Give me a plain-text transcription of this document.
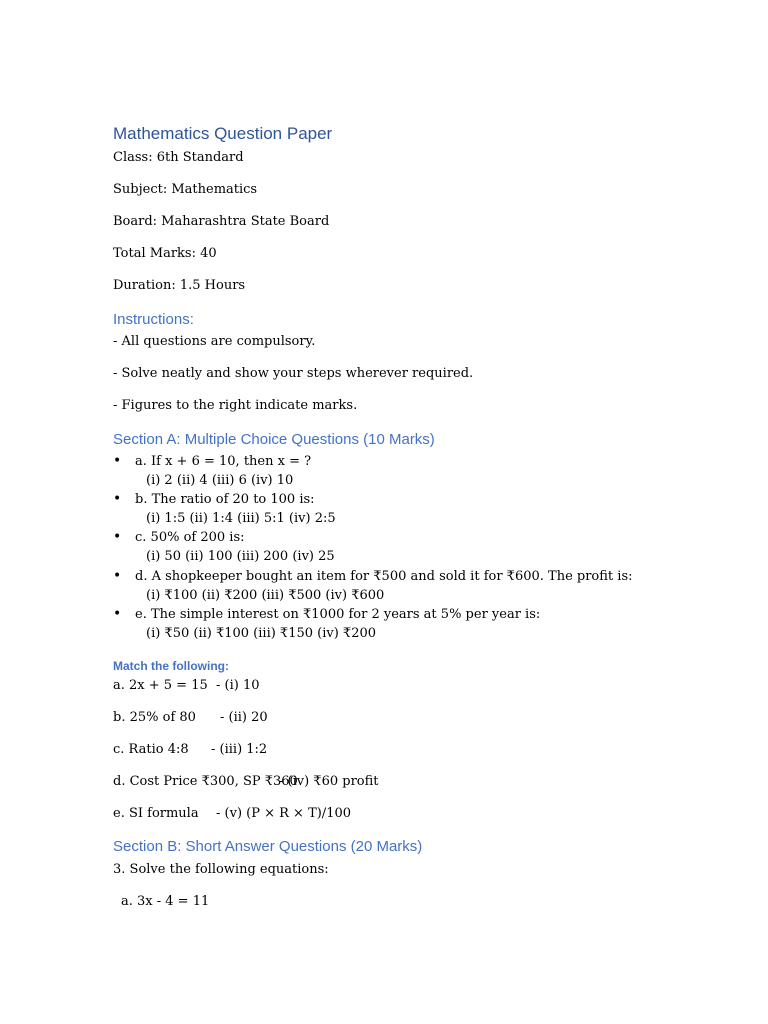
Mathematics Question Paper
Class: 6th Standard
Subject: Mathematics
Board: Maharashtra State Board
Total Marks: 40
Duration: 1.5 Hours
Instructions:
- All questions are compulsory.
- Solve neatly and show your steps wherever required.
- Figures to the right indicate marks.
Section A: Multiple Choice Questions (10 Marks)
• a. If x + 6 = 10, then x = ?
(i) 2 (ii) 4 (iii) 6 (iv) 10
• b. The ratio of 20 to 100 is:
(i) 1:5 (ii) 1:4 (iii) 5:1 (iv) 2:5
• c. 50% of 200 is:
(i) 50 (ii) 100 (iii) 200 (iv) 25
• d. A shopkeeper bought an item for ₹500 and sold it for ₹600. The profit is:
(i) ₹100 (ii) ₹200 (iii) ₹500 (iv) ₹600
• e. The simple interest on ₹1000 for 2 years at 5% per year is:
(i) ₹50 (ii) ₹100 (iii) ₹150 (iv) ₹200
Match the following:
a. 2x + 5 = 15 - (i) 10
b. 25% of 80 - (ii) 20
c. Ratio 4:8 - (iii) 1:2
d. Cost Price ₹300, SP ₹360
- (iv) ₹60 profit
e. SI formula - (v) (P × R × T)/100
Section B: Short Answer Questions (20 Marks)
3. Solve the following equations:
a. 3x - 4 = 11
